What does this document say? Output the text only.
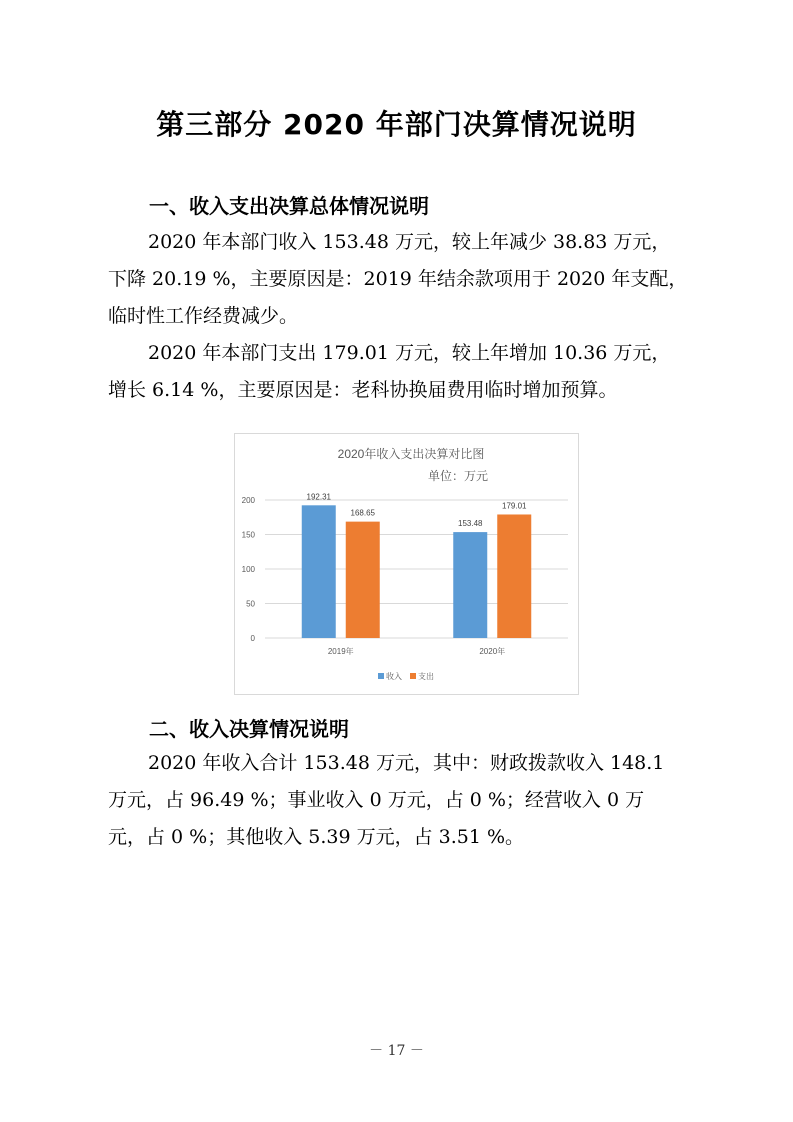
第三部分 2020 年部门决算情况说明
一、收入支出决算总体情况说明

2020 年本部门收入 153.48 万元，较上年减少 38.83 万元，
下降 20.19 %，主要原因是：2019 年结余款项用于 2020 年支配，
临时性工作经费减少。

2020 年本部门支出 179.01 万元，较上年增加 10.36 万元，
增长 6.14 %，主要原因是：老科协换届费用临时增加预算。

2020年收入支出决算对比图
单位：万元
0
50
100
150
200	192.31
153.48
168.65
179.01
2019年	2020年
收入 支出
二、收入决算情况说明

2020 年收入合计 153.48 万元，其中：财政拨款收入 148.1
万元，占 96.49 %；事业收入 0 万元，占 0 %；经营收入 0 万
元，占 0 %；其他收入 5.39 万元，占 3.51 %。

－ 17 －
